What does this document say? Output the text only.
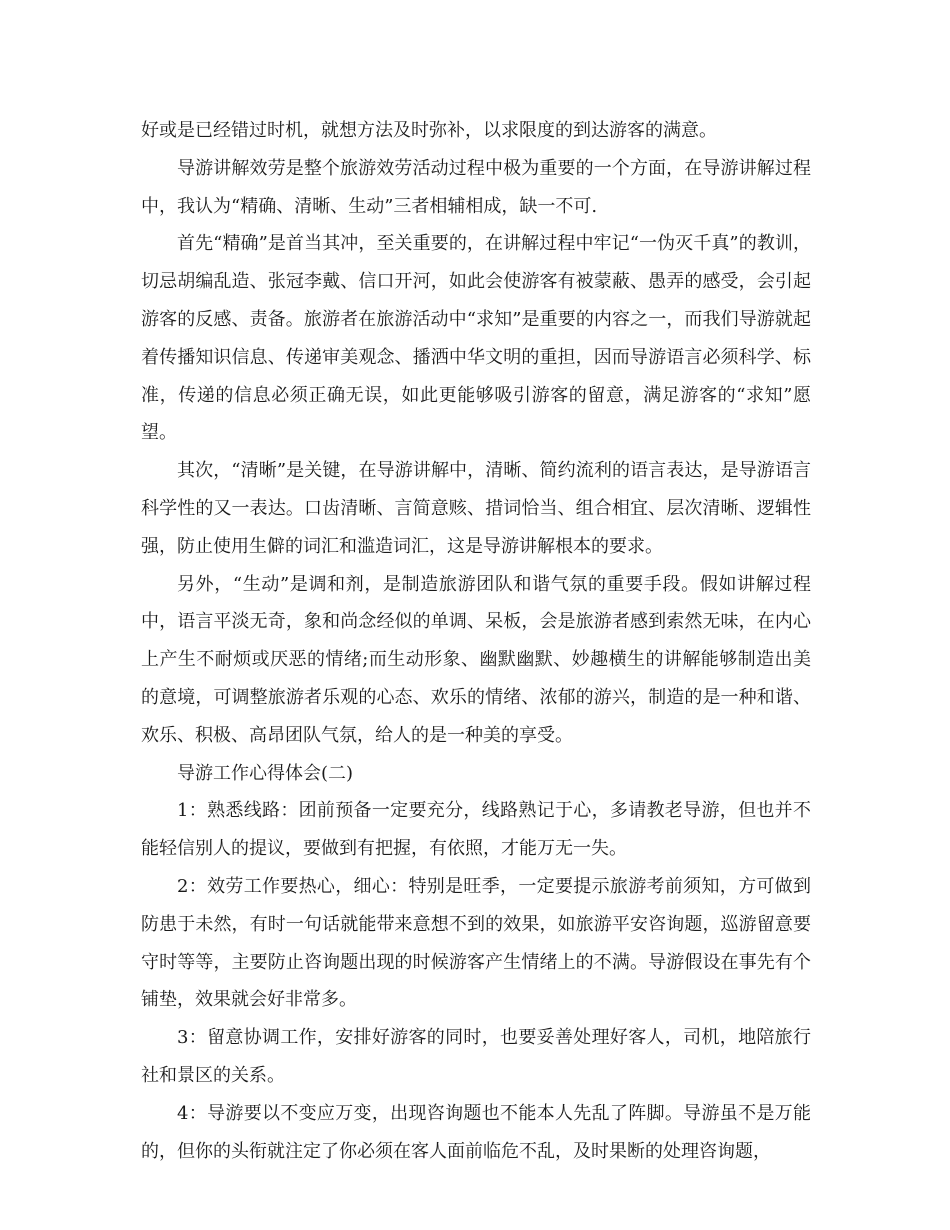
好或是已经错过时机，就想方法及时弥补，以求限度的到达游客的满意。

导游讲解效劳是整个旅游效劳活动过程中极为重要的一个方面，在导游讲解过程中，我认为“精确、清晰、生动”三者相辅相成，缺一不可.

首先“精确”是首当其冲，至关重要的，在讲解过程中牢记“一伪灭千真”的教训，切忌胡编乱造、张冠李戴、信口开河，如此会使游客有被蒙蔽、愚弄的感受，会引起游客的反感、责备。旅游者在旅游活动中“求知”是重要的内容之一，而我们导游就起着传播知识信息、传递审美观念、播洒中华文明的重担，因而导游语言必须科学、标准，传递的信息必须正确无误，如此更能够吸引游客的留意，满足游客的“求知”愿望。

其次，“清晰”是关键，在导游讲解中，清晰、简约流利的语言表达，是导游语言科学性的又一表达。口齿清晰、言简意赅、措词恰当、组合相宜、层次清晰、逻辑性强，防止使用生僻的词汇和滥造词汇，这是导游讲解根本的要求。

另外，“生动”是调和剂，是制造旅游团队和谐气氛的重要手段。假如讲解过程中，语言平淡无奇，象和尚念经似的单调、呆板，会是旅游者感到索然无味，在内心上产生不耐烦或厌恶的情绪;而生动形象、幽默幽默、妙趣横生的讲解能够制造出美的意境，可调整旅游者乐观的心态、欢乐的情绪、浓郁的游兴，制造的是一种和谐、欢乐、积极、高昂团队气氛，给人的是一种美的享受。

导游工作心得体会(二)

1：熟悉线路：团前预备一定要充分，线路熟记于心，多请教老导游，但也并不能轻信别人的提议，要做到有把握，有依照，才能万无一失。

2：效劳工作要热心，细心：特别是旺季，一定要提示旅游考前须知，方可做到防患于未然，有时一句话就能带来意想不到的效果，如旅游平安咨询题，巡游留意要守时等等，主要防止咨询题出现的时候游客产生情绪上的不满。导游假设在事先有个铺垫，效果就会好非常多。

3：留意协调工作，安排好游客的同时，也要妥善处理好客人，司机，地陪旅行社和景区的关系。

4：导游要以不变应万变，出现咨询题也不能本人先乱了阵脚。导游虽不是万能的，但你的头衔就注定了你必须在客人面前临危不乱，及时果断的处理咨询题，
